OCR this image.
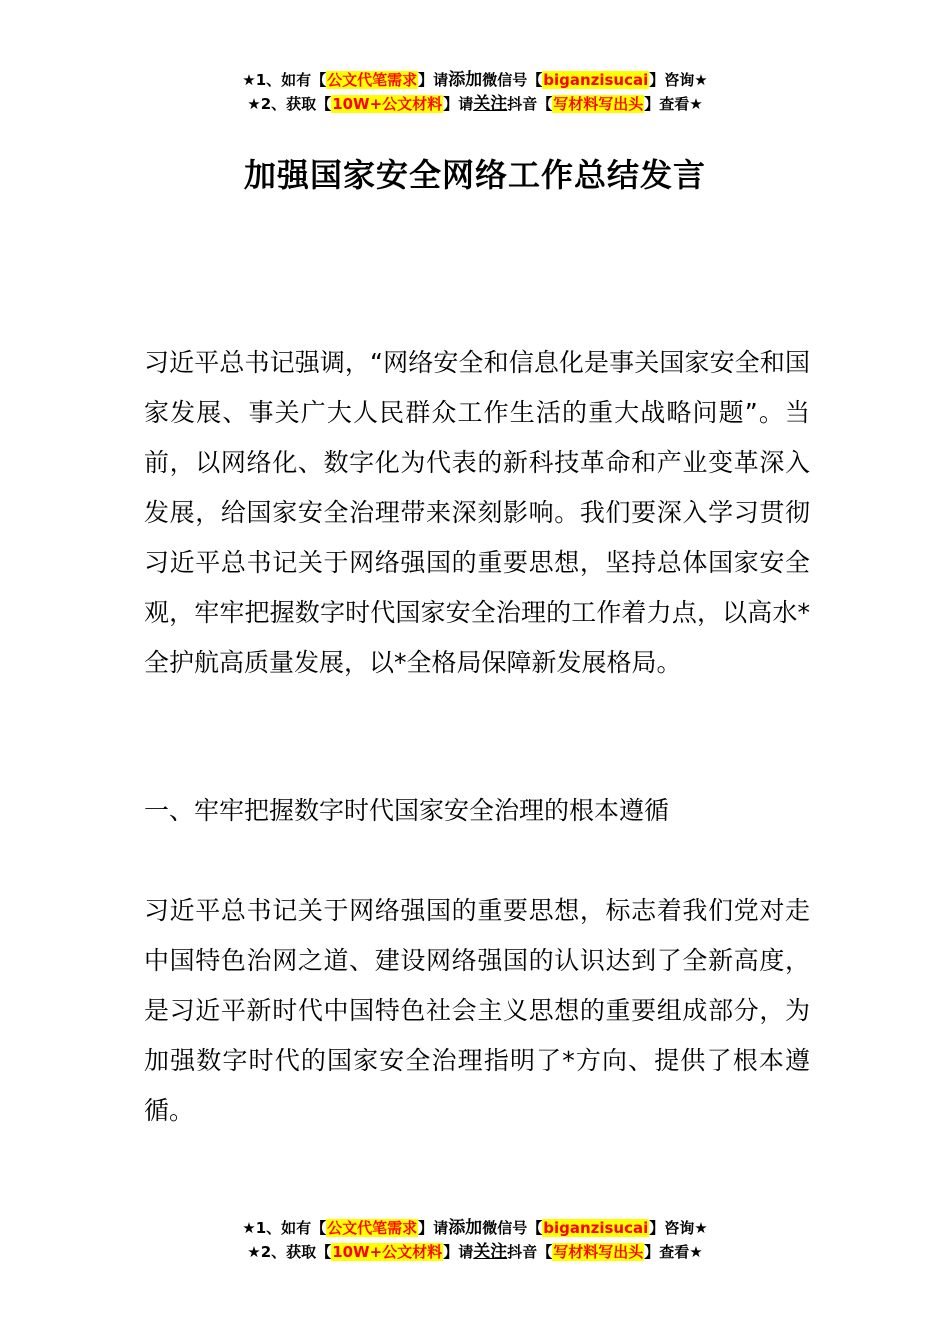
★1、如有【公文代笔需求】请添加微信号【biganzisucai】咨询★
★2、获取【10W+公文材料】请关注抖音【写材料写出头】查看★
加强国家安全网络工作总结发言

习近平总书记强调，“网络安全和信息化是事关国家安全和国家发展、事关广大人民群众工作生活的重大战略问题”。当前，以网络化、数字化为代表的新科技革命和产业变革深入发展，给国家安全治理带来深刻影响。我们要深入学习贯彻习近平总书记关于网络强国的重要思想，坚持总体国家安全观，牢牢把握数字时代国家安全治理的工作着力点，以高水*全护航高质量发展，以*全格局保障新发展格局。

一、牢牢把握数字时代国家安全治理的根本遵循

习近平总书记关于网络强国的重要思想，标志着我们党对走中国特色治网之道、建设网络强国的认识达到了全新高度，是习近平新时代中国特色社会主义思想的重要组成部分，为加强数字时代的国家安全治理指明了*方向、提供了根本遵循。

★1、如有【公文代笔需求】请添加微信号【biganzisucai】咨询★
★2、获取【10W+公文材料】请关注抖音【写材料写出头】查看★
